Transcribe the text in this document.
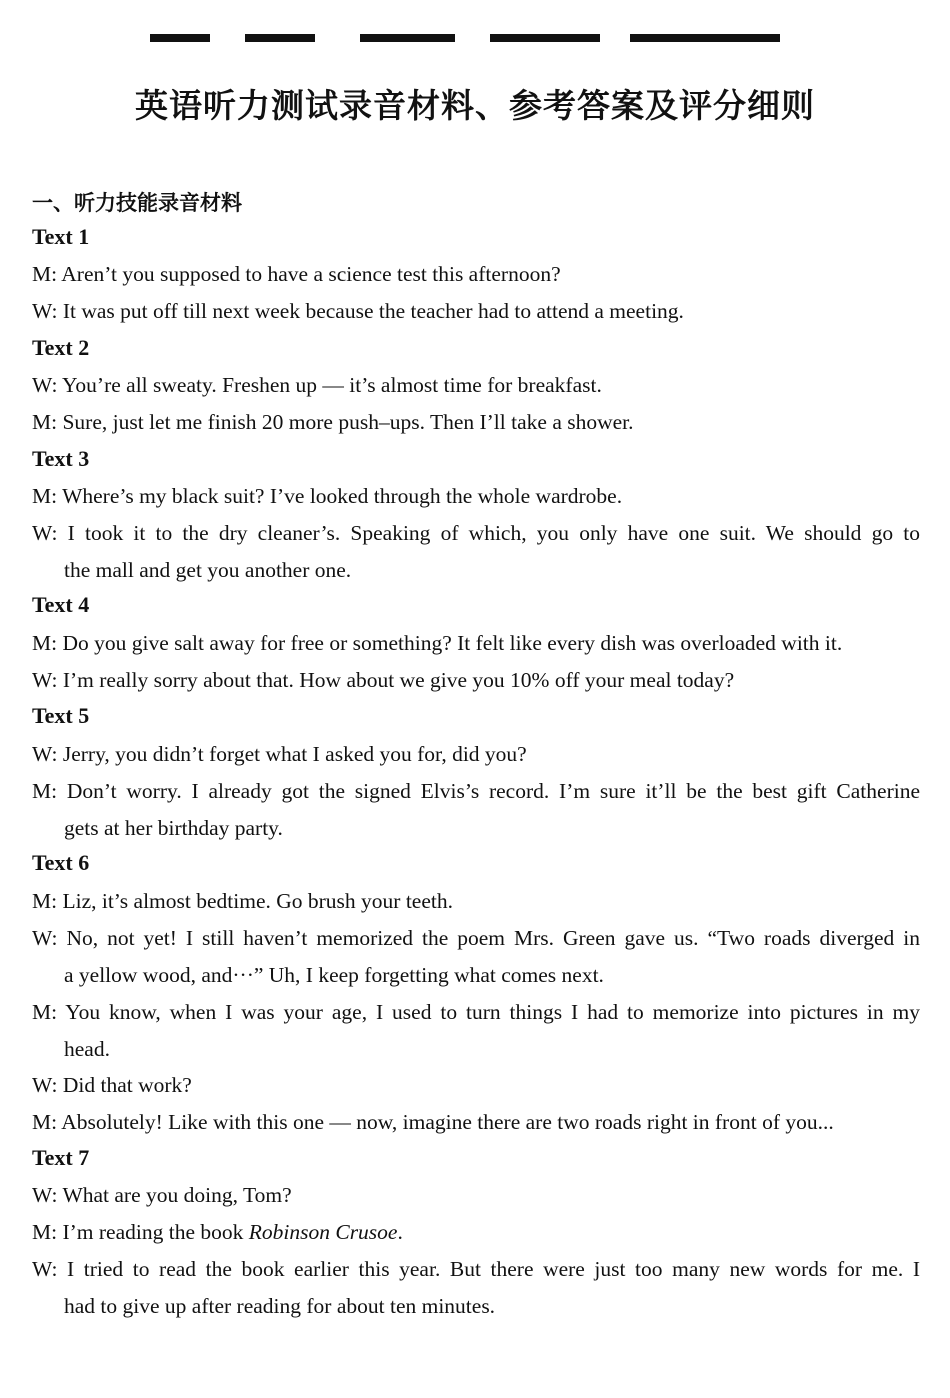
英语听力测试录音材料、参考答案及评分细则
一、听力技能录音材料
Text 1
M: Aren’t you supposed to have a science test this afternoon?
W: It was put off till next week because the teacher had to attend a meeting.
Text 2
W: You’re all sweaty. Freshen up — it’s almost time for breakfast.
M: Sure, just let me finish 20 more push–ups. Then I’ll take a shower.
Text 3
M: Where’s my black suit? I’ve looked through the whole wardrobe.
W: I took it to the dry cleaner’s. Speaking of which, you only have one suit. We should go to
the mall and get you another one.
Text 4
M: Do you give salt away for free or something? It felt like every dish was overloaded with it.
W: I’m really sorry about that. How about we give you 10% off your meal today?
Text 5
W: Jerry, you didn’t forget what I asked you for, did you?
M: Don’t worry. I already got the signed Elvis’s record. I’m sure it’ll be the best gift Catherine
gets at her birthday party.
Text 6
M: Liz, it’s almost bedtime. Go brush your teeth.
W: No, not yet! I still haven’t memorized the poem Mrs. Green gave us. “Two roads diverged in
a yellow wood, and···” Uh, I keep forgetting what comes next.
M: You know, when I was your age, I used to turn things I had to memorize into pictures in my
head.
W: Did that work?
M: Absolutely! Like with this one — now, imagine there are two roads right in front of you...
Text 7
W: What are you doing, Tom?
M: I’m reading the book Robinson Crusoe.
W: I tried to read the book earlier this year. But there were just too many new words for me. I
had to give up after reading for about ten minutes.
